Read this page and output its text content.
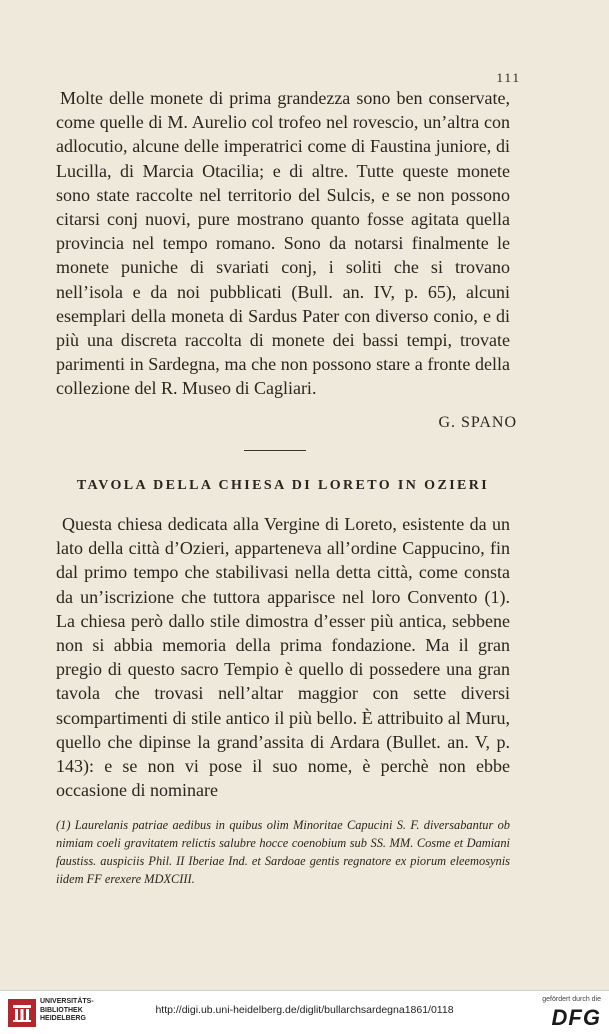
111

Molte delle monete di prima grandezza sono ben conservate, come quelle di M. Aurelio col trofeo nel rovescio, un’altra con adlocutio, alcune delle imperatrici come di Faustina juniore, di Lucilla, di Marcia Otacilia; e di altre. Tutte queste monete sono state raccolte nel territorio del Sulcis, e se non possono citarsi conj nuovi, pure mostrano quanto fosse agitata quella provincia nel tempo romano. Sono da notarsi finalmente le monete puniche di svariati conj, i soliti che si trovano nell’isola e da noi pubblicati (Bull. an. IV, p. 65), alcuni esemplari della moneta di Sardus Pater con diverso conio, e di più una discreta raccolta di monete dei bassi tempi, trovate parimenti in Sardegna, ma che non possono stare a fronte della collezione del R. Museo di Cagliari.

G. SPANO
TAVOLA DELLA CHIESA DI LORETO IN OZIERI

Questa chiesa dedicata alla Vergine di Loreto, esistente da un lato della città d’Ozieri, apparteneva all’ordine Cappucino, fin dal primo tempo che stabilivasi nella detta città, come consta da un’iscrizione che tuttora apparisce nel loro Convento (1). La chiesa però dallo stile dimostra d’esser più antica, sebbene non si abbia memoria della prima fondazione. Ma il gran pregio di questo sacro Tempio è quello di possedere una gran tavola che trovasi nell’altar maggior con sette diversi scompartimenti di stile antico il più bello. È attribuito al Muru, quello che dipinse la grand’assita di Ardara (Bullet. an. V, p. 143): e se non vi pose il suo nome, è perchè non ebbe occasione di nominare

(1) Laurelanis patriae aedibus in quibus olim Minoritae Capucini S. F. diversabantur ob nimiam coeli gravitatem relictis salubre hocce coenobium sub SS. MM. Cosme et Damiani faustiss. auspiciis Phil. II Iberiae Ind. et Sardoae gentis regnatore ex piorum eleemosynis iidem FF erexere MDXCIII.

UNIVERSITÄTS-
BIBLIOTHEK
HEIDELBERG

http://digi.ub.uni-heidelberg.de/diglit/bullarchsardegna1861/0118
gefördert durch die
DFG
